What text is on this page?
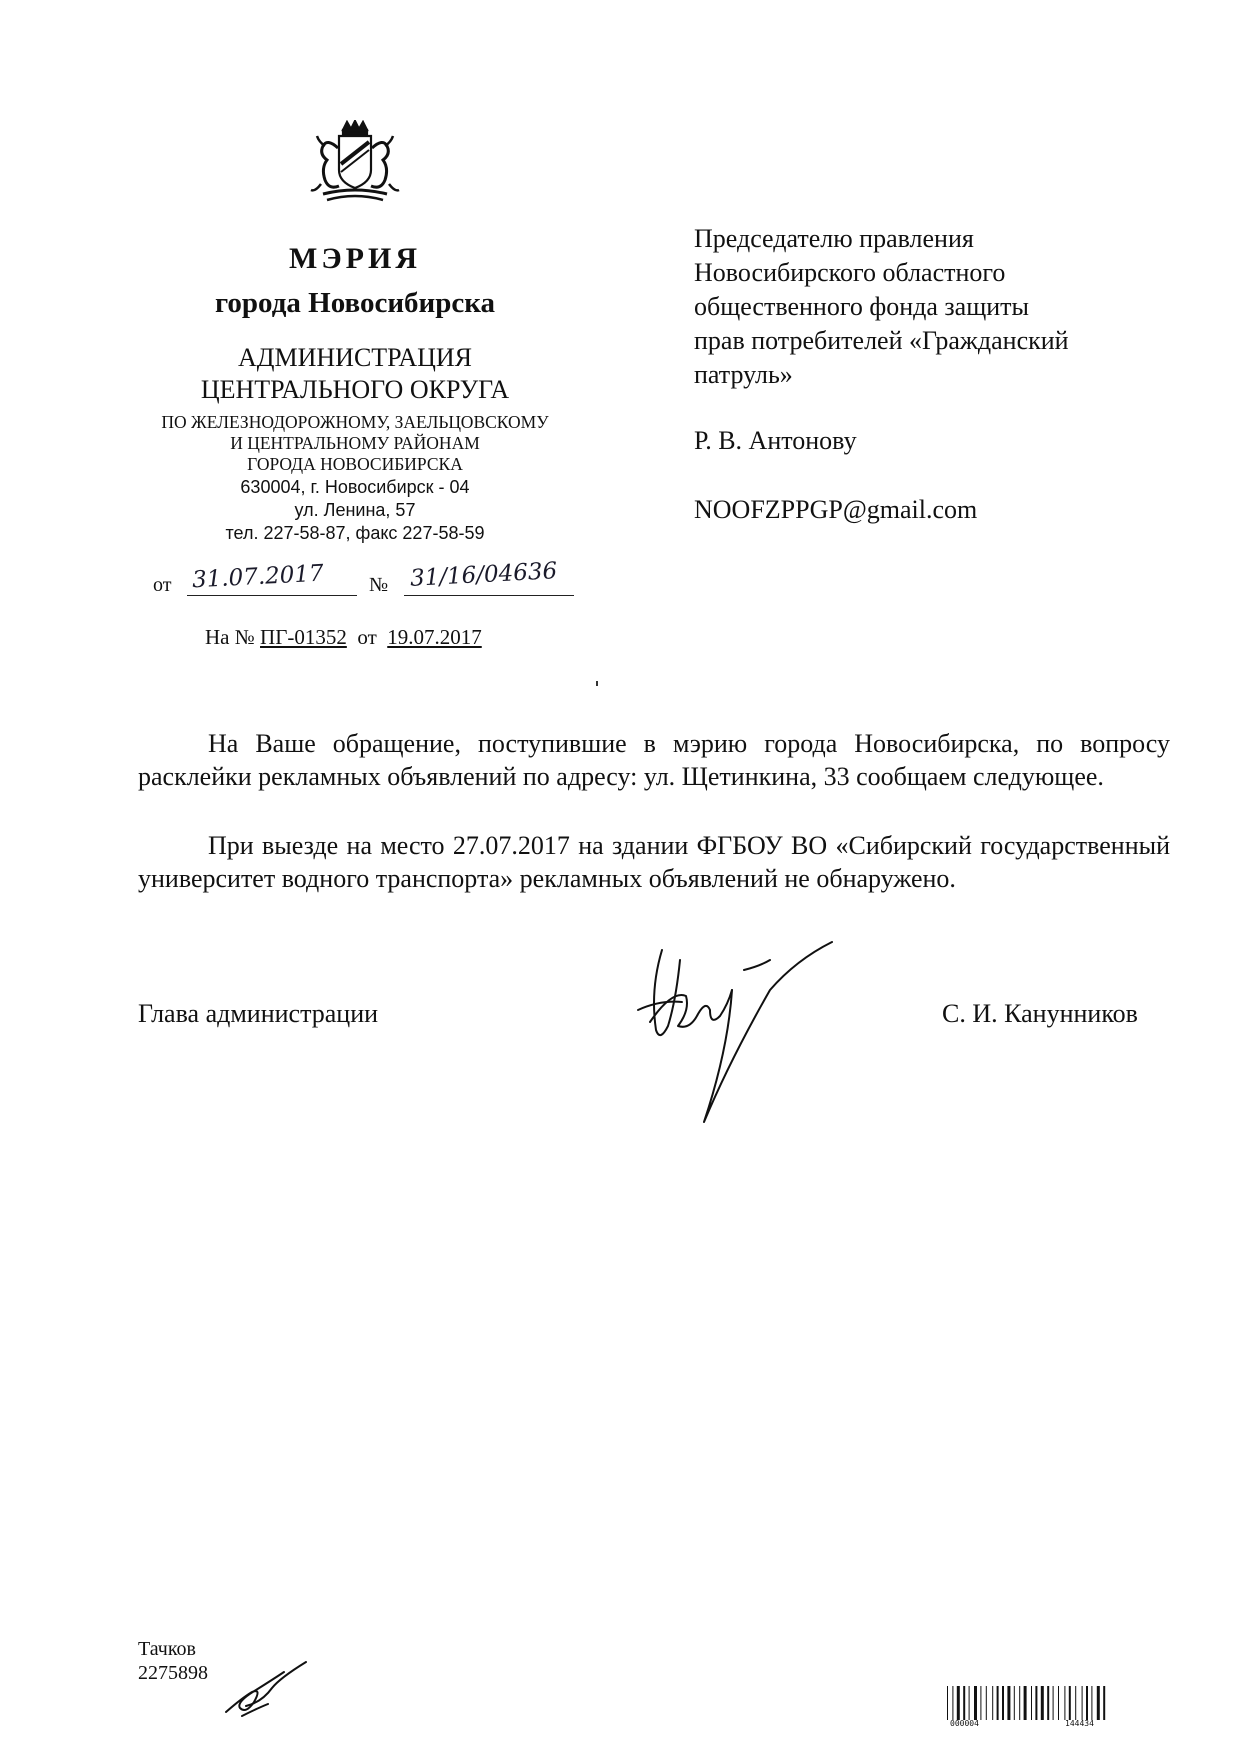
МЭРИЯ
города Новосибирска
АДМИНИСТРАЦИЯ
ЦЕНТРАЛЬНОГО ОКРУГА
ПО ЖЕЛЕЗНОДОРОЖНОМУ, ЗАЕЛЬЦОВСКОМУ
И ЦЕНТРАЛЬНОМУ РАЙОНАМ
ГОРОДА НОВОСИБИРСКА
630004, г. Новосибирск - 04
ул. Ленина, 57
тел. 227-58-87, факс 227-58-59
от 31.07.2017 № 31/16/04636
На № ПГ-01352 от 19.07.2017
Председателю правления
Новосибирского областного
общественного фонда защиты
прав потребителей «Гражданский
патруль»
Р. В. Антонову
NOOFZPPGP@gmail.com
На Ваше обращение, поступившие в мэрию города Новосибирска, по вопросу расклейки рекламных объявлений по адресу: ул. Щетинкина, 33 сообщаем следующее.
При выезде на место 27.07.2017 на здании ФГБОУ ВО «Сибирский государственный университет водного транспорта» рекламных объявлений не обнаружено.
Глава администрации	С. И. Канунников
Тачков
2275898
000004	144434
